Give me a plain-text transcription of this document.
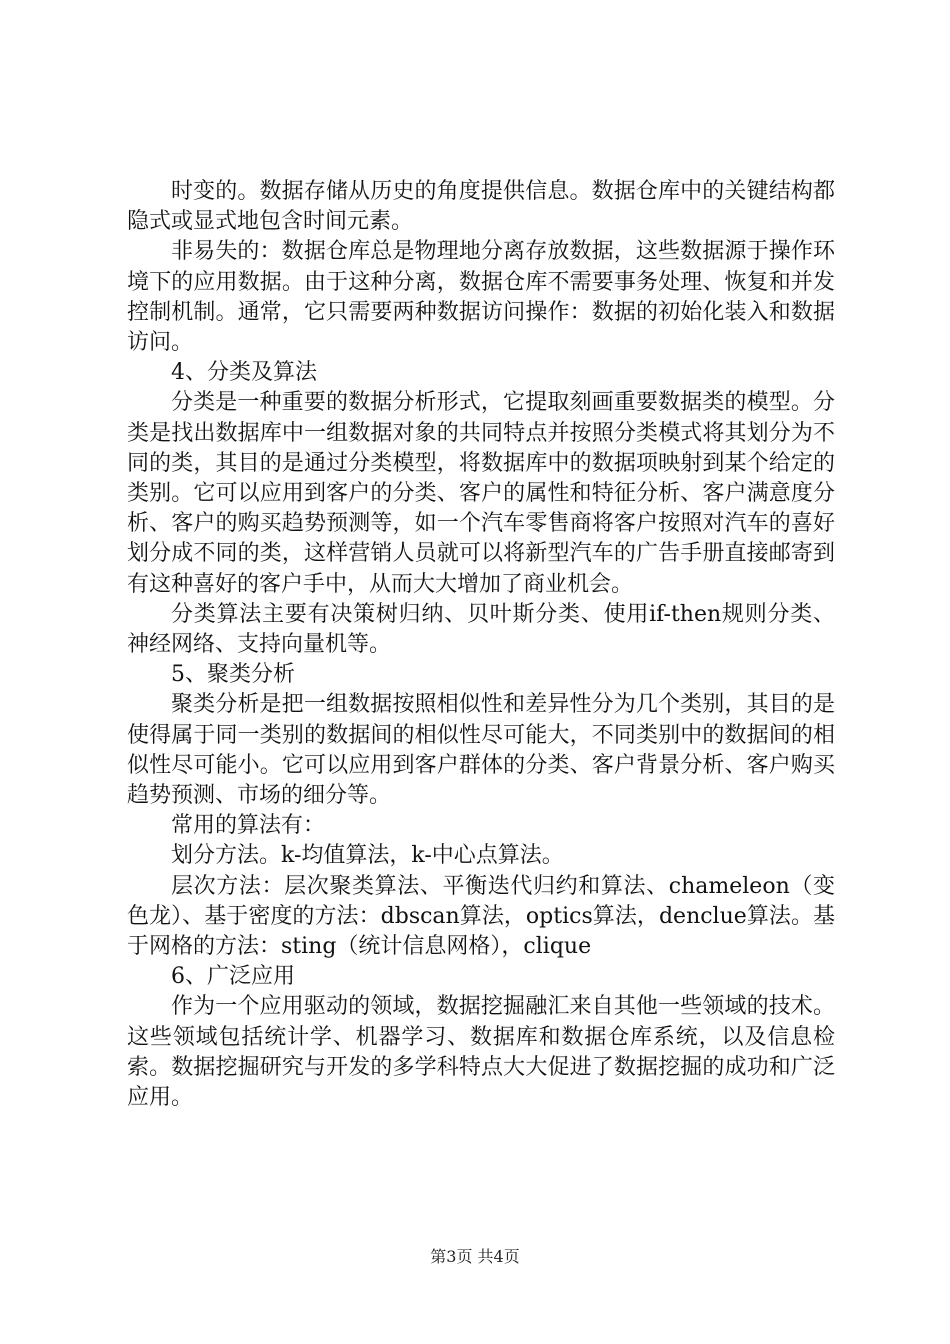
时变的。数据存储从历史的角度提供信息。数据仓库中的关键结构都隐式或显式地包含时间元素。

非易失的：数据仓库总是物理地分离存放数据，这些数据源于操作环境下的应用数据。由于这种分离，数据仓库不需要事务处理、恢复和并发控制机制。通常，它只需要两种数据访问操作：数据的初始化装入和数据访问。

4、分类及算法

分类是一种重要的数据分析形式，它提取刻画重要数据类的模型。分类是找出数据库中一组数据对象的共同特点并按照分类模式将其划分为不同的类，其目的是通过分类模型，将数据库中的数据项映射到某个给定的类别。它可以应用到客户的分类、客户的属性和特征分析、客户满意度分析、客户的购买趋势预测等，如一个汽车零售商将客户按照对汽车的喜好划分成不同的类，这样营销人员就可以将新型汽车的广告手册直接邮寄到有这种喜好的客户手中，从而大大增加了商业机会。

分类算法主要有决策树归纳、贝叶斯分类、使用if-then规则分类、神经网络、支持向量机等。

5、聚类分析

聚类分析是把一组数据按照相似性和差异性分为几个类别，其目的是使得属于同一类别的数据间的相似性尽可能大，不同类别中的数据间的相似性尽可能小。它可以应用到客户群体的分类、客户背景分析、客户购买趋势预测、市场的细分等。

常用的算法有：

划分方法。k-均值算法，k-中心点算法。

层次方法：层次聚类算法、平衡迭代归约和算法、chameleon（变色龙）、基于密度的方法：dbscan算法，optics算法，denclue算法。基于网格的方法：sting（统计信息网格），clique

6、广泛应用

作为一个应用驱动的领域，数据挖掘融汇来自其他一些领域的技术。这些领域包括统计学、机器学习、数据库和数据仓库系统，以及信息检索。数据挖掘研究与开发的多学科特点大大促进了数据挖掘的成功和广泛应用。

第3页 共4页
